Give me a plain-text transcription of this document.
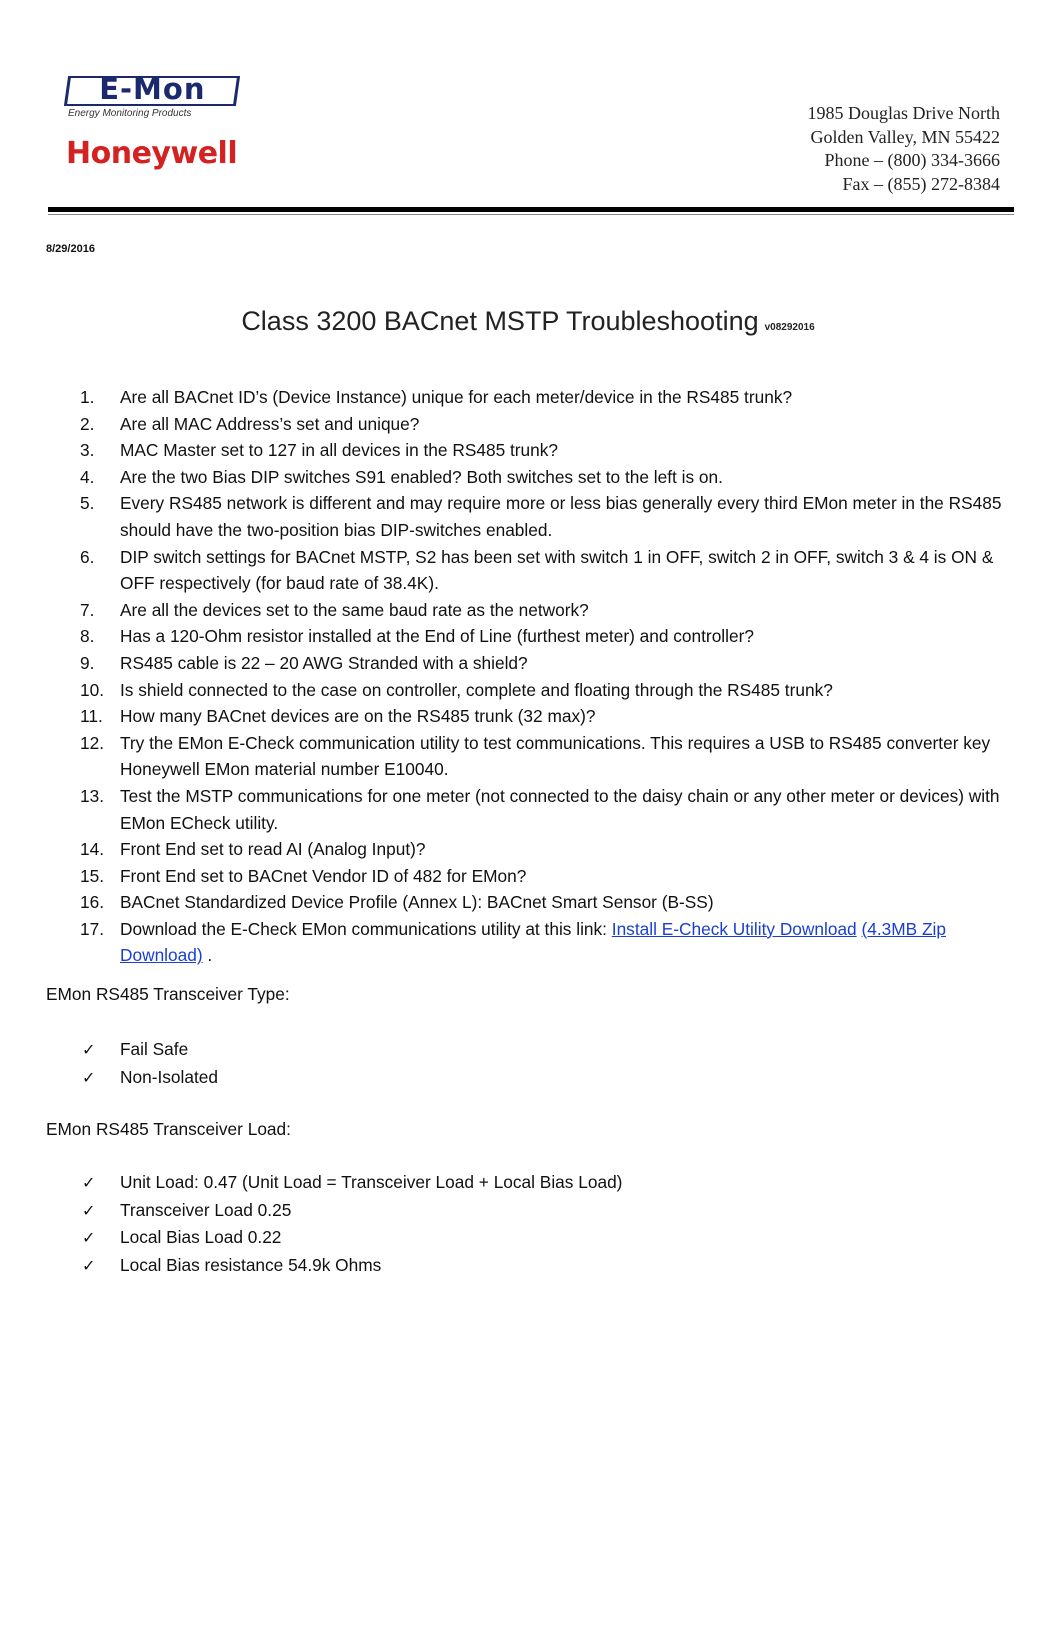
E-Mon
Energy Monitoring Products
Honeywell
1985 Douglas Drive North
Golden Valley, MN 55422
Phone – (800) 334-3666
Fax – (855) 272-8384
8/29/2016
Class 3200 BACnet MSTP Troubleshooting v08292016
1. Are all BACnet ID’s (Device Instance) unique for each meter/device in the RS485 trunk?
2. Are all MAC Address’s set and unique?
3. MAC Master set to 127 in all devices in the RS485 trunk?
4. Are the two Bias DIP switches S91 enabled? Both switches set to the left is on.
5. Every RS485 network is different and may require more or less bias generally every third EMon meter in the RS485 should have the two-position bias DIP-switches enabled.
6. DIP switch settings for BACnet MSTP, S2 has been set with switch 1 in OFF, switch 2 in OFF, switch 3 & 4 is ON & OFF respectively (for baud rate of 38.4K).
7. Are all the devices set to the same baud rate as the network?
8. Has a 120-Ohm resistor installed at the End of Line (furthest meter) and controller?
9. RS485 cable is 22 – 20 AWG Stranded with a shield?
10. Is shield connected to the case on controller, complete and floating through the RS485 trunk?
11. How many BACnet devices are on the RS485 trunk (32 max)?
12. Try the EMon E-Check communication utility to test communications. This requires a USB to RS485 converter key Honeywell EMon material number E10040.
13. Test the MSTP communications for one meter (not connected to the daisy chain or any other meter or devices) with EMon ECheck utility.
14. Front End set to read AI (Analog Input)?
15. Front End set to BACnet Vendor ID of 482 for EMon?
16. BACnet Standardized Device Profile (Annex L): BACnet Smart Sensor (B-SS)
17. Download the E-Check EMon communications utility at this link: Install E-Check Utility Download (4.3MB Zip Download) .
EMon RS485 Transceiver Type:
✓ Fail Safe
✓ Non-Isolated
EMon RS485 Transceiver Load:
✓ Unit Load: 0.47 (Unit Load = Transceiver Load + Local Bias Load)
✓ Transceiver Load 0.25
✓ Local Bias Load 0.22
✓ Local Bias resistance 54.9k Ohms
